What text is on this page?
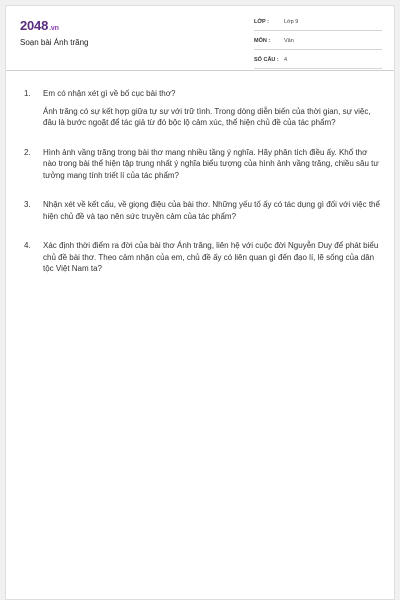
2048.vn
Soạn bài Ánh trăng
LỚP :	Lớp 9
MÔN :	Văn
SỐ CÂU : 4
1. Em có nhận xét gì về bố cục bài thơ?
Ánh trăng có sự kết hợp giữa tự sự với trữ tình. Trong dòng diễn biến của thời gian, sự việc, đâu là bước ngoặt để tác giả từ đó bộc lộ cảm xúc, thể hiện chủ đề của tác phẩm?
2. Hình ảnh vầng trăng trong bài thơ mang nhiều tầng ý nghĩa. Hãy phân tích điều ấy. Khổ thơ nào trong bài thể hiện tập trung nhất ý nghĩa biểu tượng của hình ảnh vầng trăng, chiều sâu tư tưởng mang tính triết lí của tác phẩm?
3. Nhận xét về kết cấu, về giọng điệu của bài thơ. Những yếu tố ấy có tác dụng gì đối với việc thể hiện chủ đề và tạo nên sức truyền cảm của tác phẩm?
4. Xác định thời điểm ra đời của bài thơ Ánh trăng, liên hệ với cuộc đời Nguyễn Duy để phát biểu chủ đề bài thơ. Theo cảm nhận của em, chủ đề ấy có liên quan gì đến đạo lí, lẽ sống của dân tộc Việt Nam ta?
